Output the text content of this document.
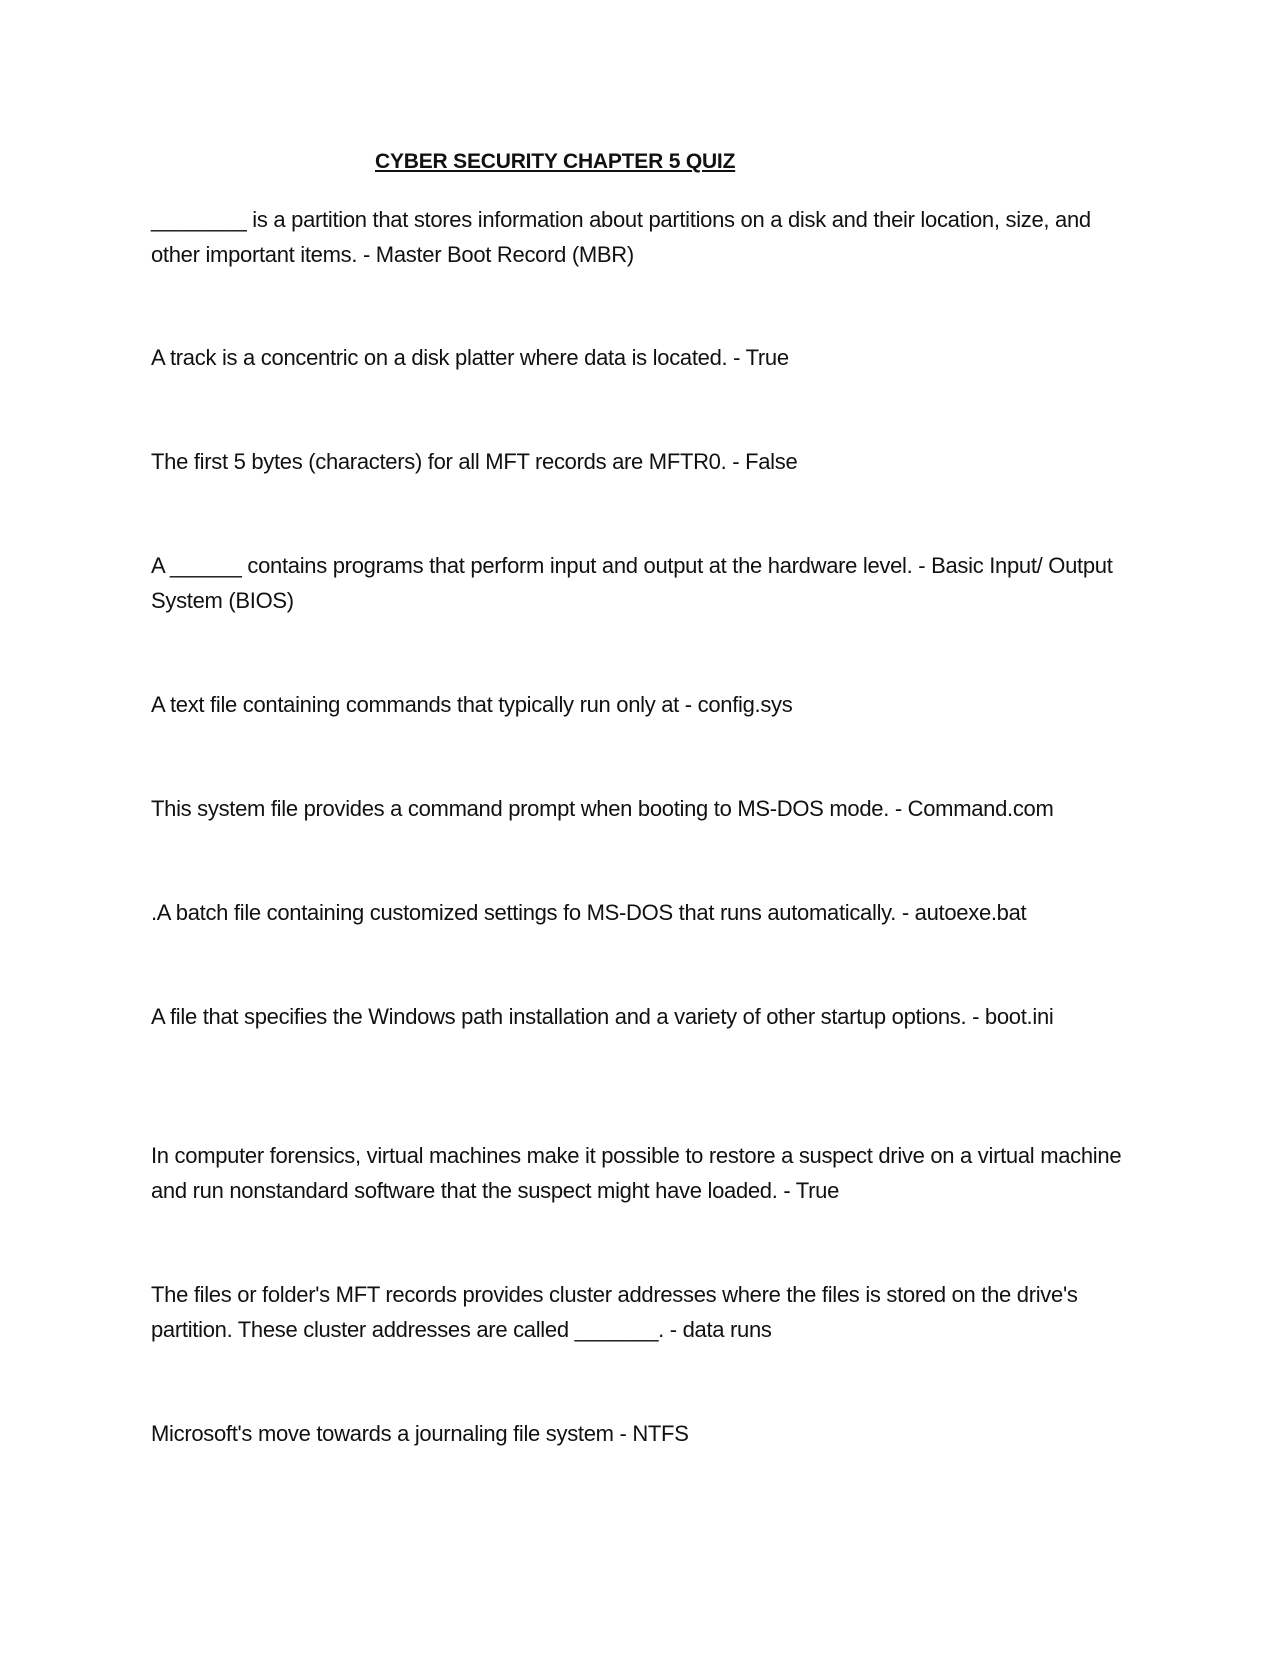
CYBER SECURITY CHAPTER 5 QUIZ

________ is a partition that stores information about partitions on a disk and their location, size, and other important items. - Master Boot Record (MBR)

A track is a concentric on a disk platter where data is located. - True

The first 5 bytes (characters) for all MFT records are MFTR0. - False

A ______ contains programs that perform input and output at the hardware level. - Basic Input/ Output System (BIOS)

A text file containing commands that typically run only at - config.sys

This system file provides a command prompt when booting to MS-DOS mode. - Command.com

.A batch file containing customized settings fo MS-DOS that runs automatically. - autoexe.bat

A file that specifies the Windows path installation and a variety of other startup options. - boot.ini

In computer forensics, virtual machines make it possible to restore a suspect drive on a virtual machine and run nonstandard software that the suspect might have loaded. - True

The files or folder's MFT records provides cluster addresses where the files is stored on the drive's partition. These cluster addresses are called _______. - data runs

Microsoft's move towards a journaling file system - NTFS
